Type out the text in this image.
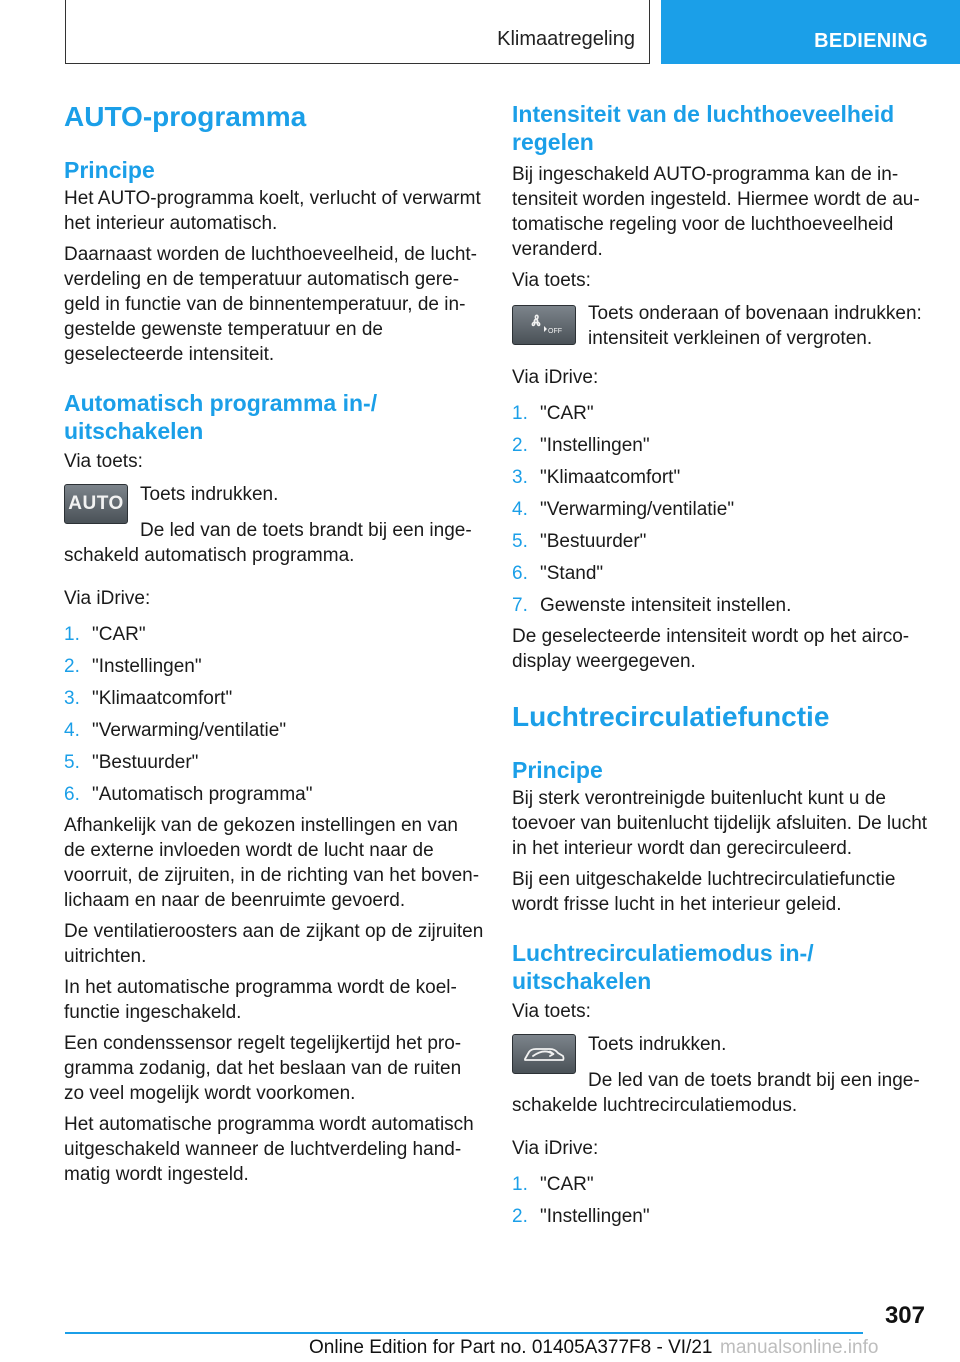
Klimaatregeling	BEDIENING
AUTO-programma
Principe

Het AUTO-programma koelt, verlucht of verwarmt het interieur automatisch.

Daarnaast worden de luchthoeveelheid, de luchtverdeling en de temperatuur automatisch geregeld in functie van de binnentemperatuur, de ingestelde gewenste temperatuur en de geselecteerde intensiteit.

Automatisch programma in-/ uitschakelen

Via toets:

AUTO Toets indrukken.

De led van de toets brandt bij een ingeschakeld automatisch programma.

Via iDrive:

1. "CAR"
2. "Instellingen"
3. "Klimaatcomfort"
4. "Verwarming/ventilatie"
5. "Bestuurder"
6. "Automatisch programma"

Afhankelijk van de gekozen instellingen en van de externe invloeden wordt de lucht naar de voorruit, de zijruiten, in de richting van het bovenlichaam en naar de beenruimte gevoerd.

De ventilatieroosters aan de zijkant op de zijruiten uitrichten.

In het automatische programma wordt de koelfunctie ingeschakeld.

Een condenssensor regelt tegelijkertijd het programma zodanig, dat het beslaan van de ruiten zo veel mogelijk wordt voorkomen.

Het automatische programma wordt automatisch uitgeschakeld wanneer de luchtverdeling handmatig wordt ingesteld.

Intensiteit van de luchthoeveelheid regelen

Bij ingeschakeld AUTO-programma kan de intensiteit worden ingesteld. Hiermee wordt de automatische regeling voor de luchthoeveelheid veranderd.

Via toets:

OFF

Toets onderaan of bovenaan indrukken: intensiteit verkleinen of vergroten.

Via iDrive:

1. "CAR"
2. "Instellingen"
3. "Klimaatcomfort"
4. "Verwarming/ventilatie"
5. "Bestuurder"
6. "Stand"
7. Gewenste intensiteit instellen.

De geselecteerde intensiteit wordt op het aircodisplay weergegeven.

Luchtrecirculatiefunctie
Principe

Bij sterk verontreinigde buitenlucht kunt u de toevoer van buitenlucht tijdelijk afsluiten. De lucht in het interieur wordt dan gerecirculeerd.

Bij een uitgeschakelde luchtrecirculatiefunctie wordt frisse lucht in het interieur geleid.

Luchtrecirculatiemodus in-/ uitschakelen

Via toets:

Toets indrukken.

De led van de toets brandt bij een ingeschakelde luchtrecirculatiemodus.

Via iDrive:

1. "CAR"
2. "Instellingen"
307
Online Edition for Part no. 01405A377F8 - VI/21 manualsonline.info
